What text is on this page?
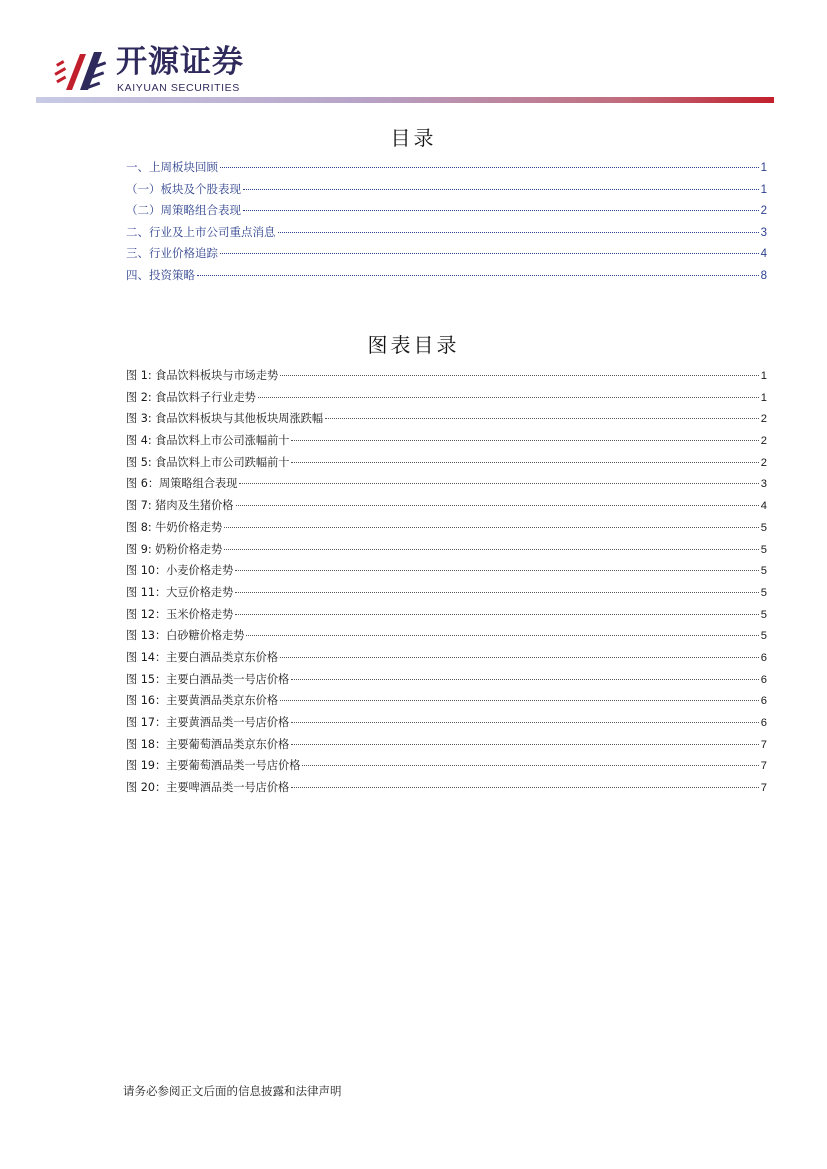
开源证券
KAIYUAN SECURITIES
目录
一、上周板块回顾	1
（一）板块及个股表现	1
（二）周策略组合表现	2
二、行业及上市公司重点消息	3
三、行业价格追踪	4
四、投资策略	8
图表目录
图 1: 食品饮料板块与市场走势	1
图 2: 食品饮料子行业走势	1
图 3: 食品饮料板块与其他板块周涨跌幅	2
图 4: 食品饮料上市公司涨幅前十	2
图 5: 食品饮料上市公司跌幅前十	2
图 6：周策略组合表现	3
图 7: 猪肉及生猪价格	4
图 8: 牛奶价格走势	5
图 9: 奶粉价格走势	5
图 10：小麦价格走势	5
图 11：大豆价格走势	5
图 12：玉米价格走势	5
图 13：白砂糖价格走势	5
图 14：主要白酒品类京东价格	6
图 15：主要白酒品类一号店价格	6
图 16：主要黄酒品类京东价格	6
图 17：主要黄酒品类一号店价格	6
图 18：主要葡萄酒品类京东价格	7
图 19：主要葡萄酒品类一号店价格	7
图 20：主要啤酒品类一号店价格	7
请务必参阅正文后面的信息披露和法律声明
